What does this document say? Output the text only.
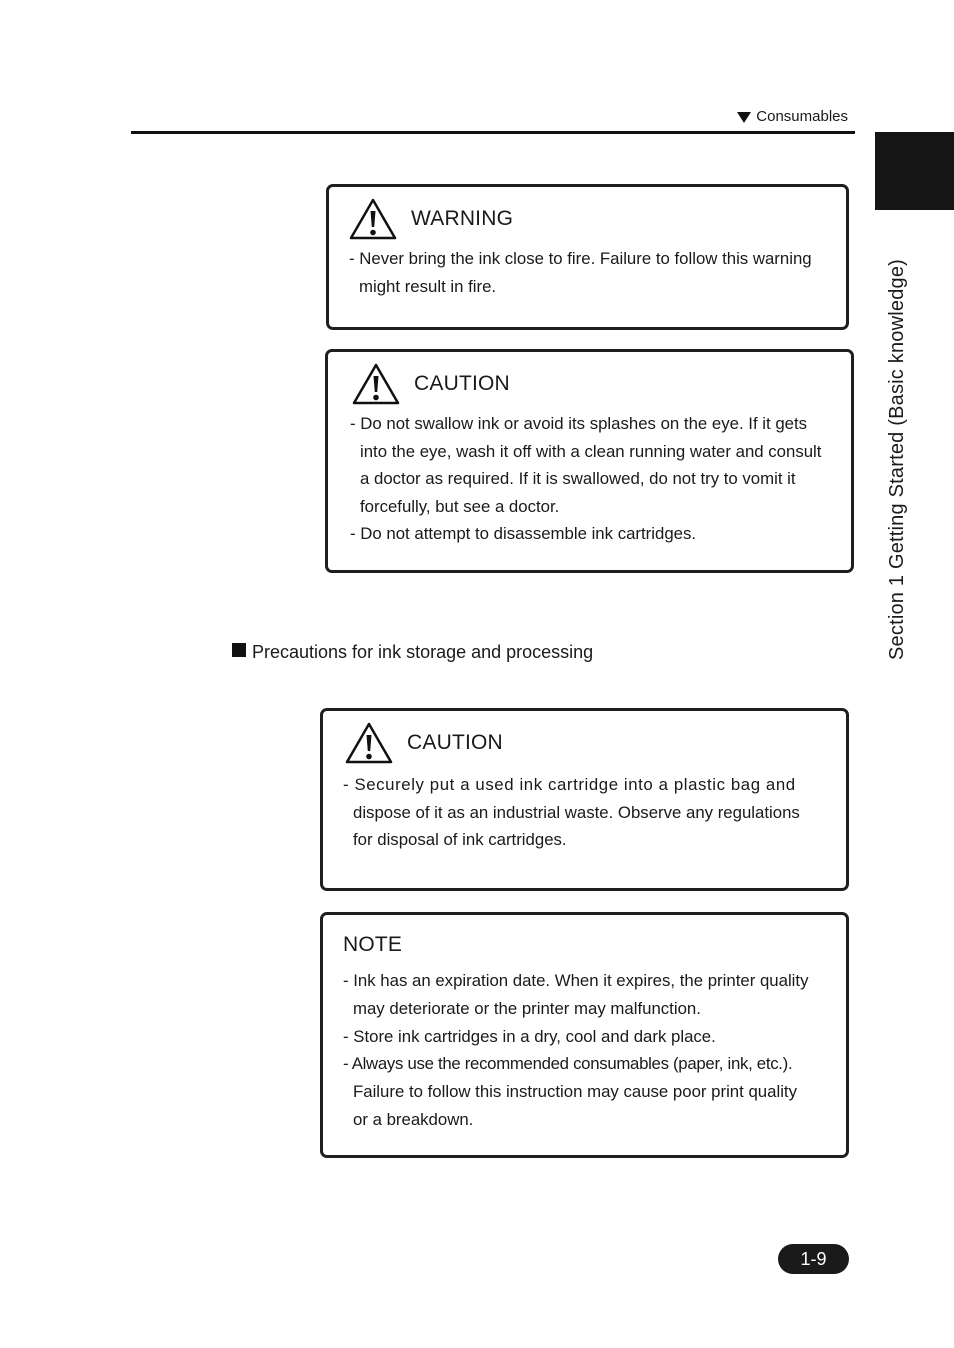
Consumables
Section 1 Getting Started (Basic knowledge)
WARNING
- Never bring the ink close to fire. Failure to follow this warning
might result in fire.
CAUTION
- Do not swallow ink or avoid its splashes on the eye. If it gets
into the eye, wash it off with a clean running water and consult
a doctor as required. If it is swallowed, do not try to vomit it
forcefully, but see a doctor.
- Do not attempt to disassemble ink cartridges.
Precautions for ink storage and processing
CAUTION
- Securely put a used ink cartridge into a plastic bag and
dispose of it as an industrial waste. Observe any regulations
for disposal of ink cartridges.
NOTE
- Ink has an expiration date. When it expires, the printer quality
may deteriorate or the printer may malfunction.
- Store ink cartridges in a dry, cool and dark place.
- Always use the recommended consumables (paper, ink, etc.).
Failure to follow this instruction may cause poor print quality
or a breakdown.
1-9
